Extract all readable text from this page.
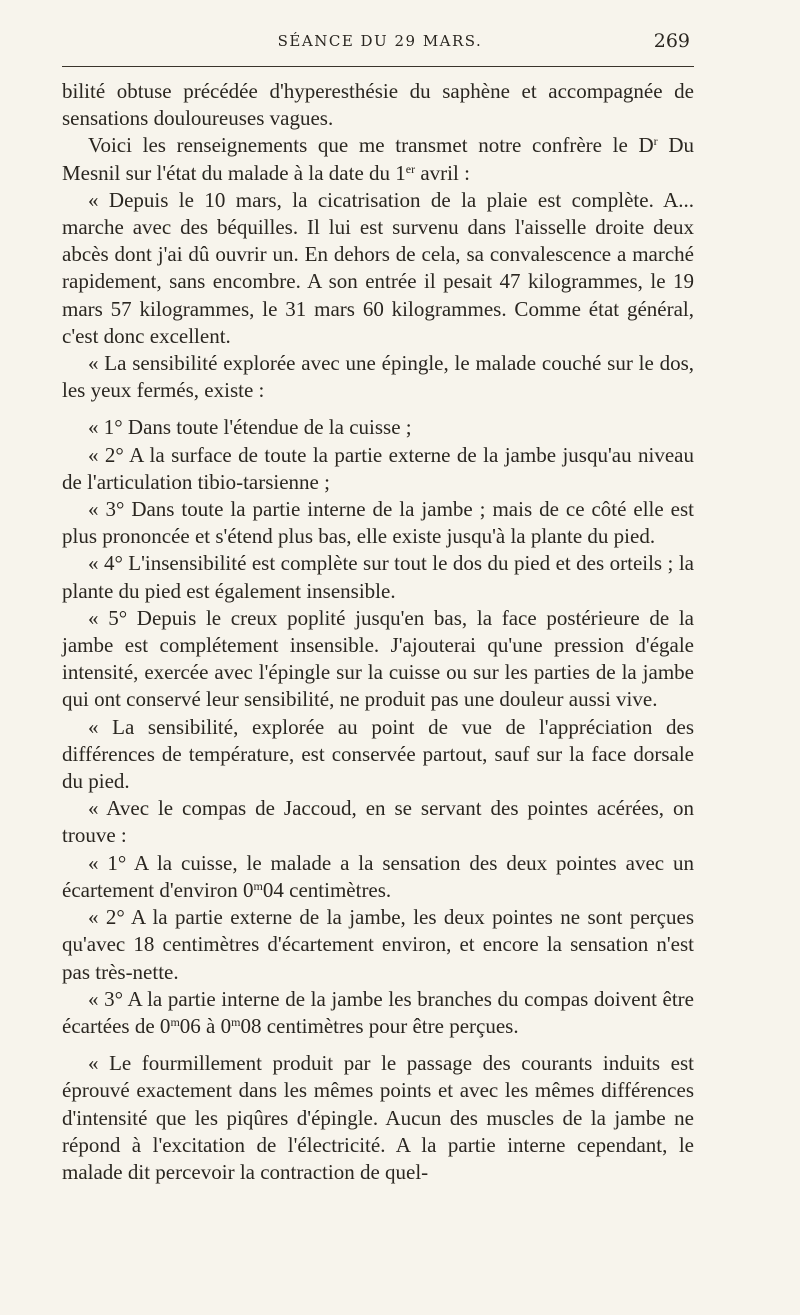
SÉANCE DU 29 MARS.	269

bilité obtuse précédée d'hyperesthésie du saphène et accompagnée de sensations douloureuses vagues.

Voici les renseignements que me transmet notre confrère le $D^r$ Du Mesnil sur l'état du malade à la date du 1er avril :

« Depuis le 10 mars, la cicatrisation de la plaie est complète. A... marche avec des béquilles. Il lui est survenu dans l'aisselle droite deux abcès dont j'ai dû ouvrir un. En dehors de cela, sa convalescence a marché rapidement, sans encombre. A son entrée il pesait 47 kilogrammes, le 19 mars 57 kilogrammes, le 31 mars 60 kilogrammes. Comme état général, c'est donc excellent.

« La sensibilité explorée avec une épingle, le malade couché sur le dos, les yeux fermés, existe :

« 1° Dans toute l'étendue de la cuisse ;

« 2° A la surface de toute la partie externe de la jambe jusqu'au niveau de l'articulation tibio-tarsienne ;

« 3° Dans toute la partie interne de la jambe ; mais de ce côté elle est plus prononcée et s'étend plus bas, elle existe jusqu'à la plante du pied.

« 4° L'insensibilité est complète sur tout le dos du pied et des orteils ; la plante du pied est également insensible.

« 5° Depuis le creux poplité jusqu'en bas, la face postérieure de la jambe est complétement insensible. J'ajouterai qu'une pression d'égale intensité, exercée avec l'épingle sur la cuisse ou sur les parties de la jambe qui ont conservé leur sensibilité, ne produit pas une douleur aussi vive.

« La sensibilité, explorée au point de vue de l'appréciation des différences de température, est conservée partout, sauf sur la face dorsale du pied.

« Avec le compas de Jaccoud, en se servant des pointes acérées, on trouve :

« 1° A la cuisse, le malade a la sensation des deux pointes avec un écartement d'environ 0$^m$04 centimètres.

« 2° A la partie externe de la jambe, les deux pointes ne sont perçues qu'avec 18 centimètres d'écartement environ, et encore la sensation n'est pas très-nette.

« 3° A la partie interne de la jambe les branches du compas doivent être écartées de 0$^m$06 à 0$^m$08 centimètres pour être perçues.

« Le fourmillement produit par le passage des courants induits est éprouvé exactement dans les mêmes points et avec les mêmes différences d'intensité que les piqûres d'épingle. Aucun des muscles de la jambe ne répond à l'excitation de l'électricité. A la partie interne cependant, le malade dit percevoir la contraction de quel-
